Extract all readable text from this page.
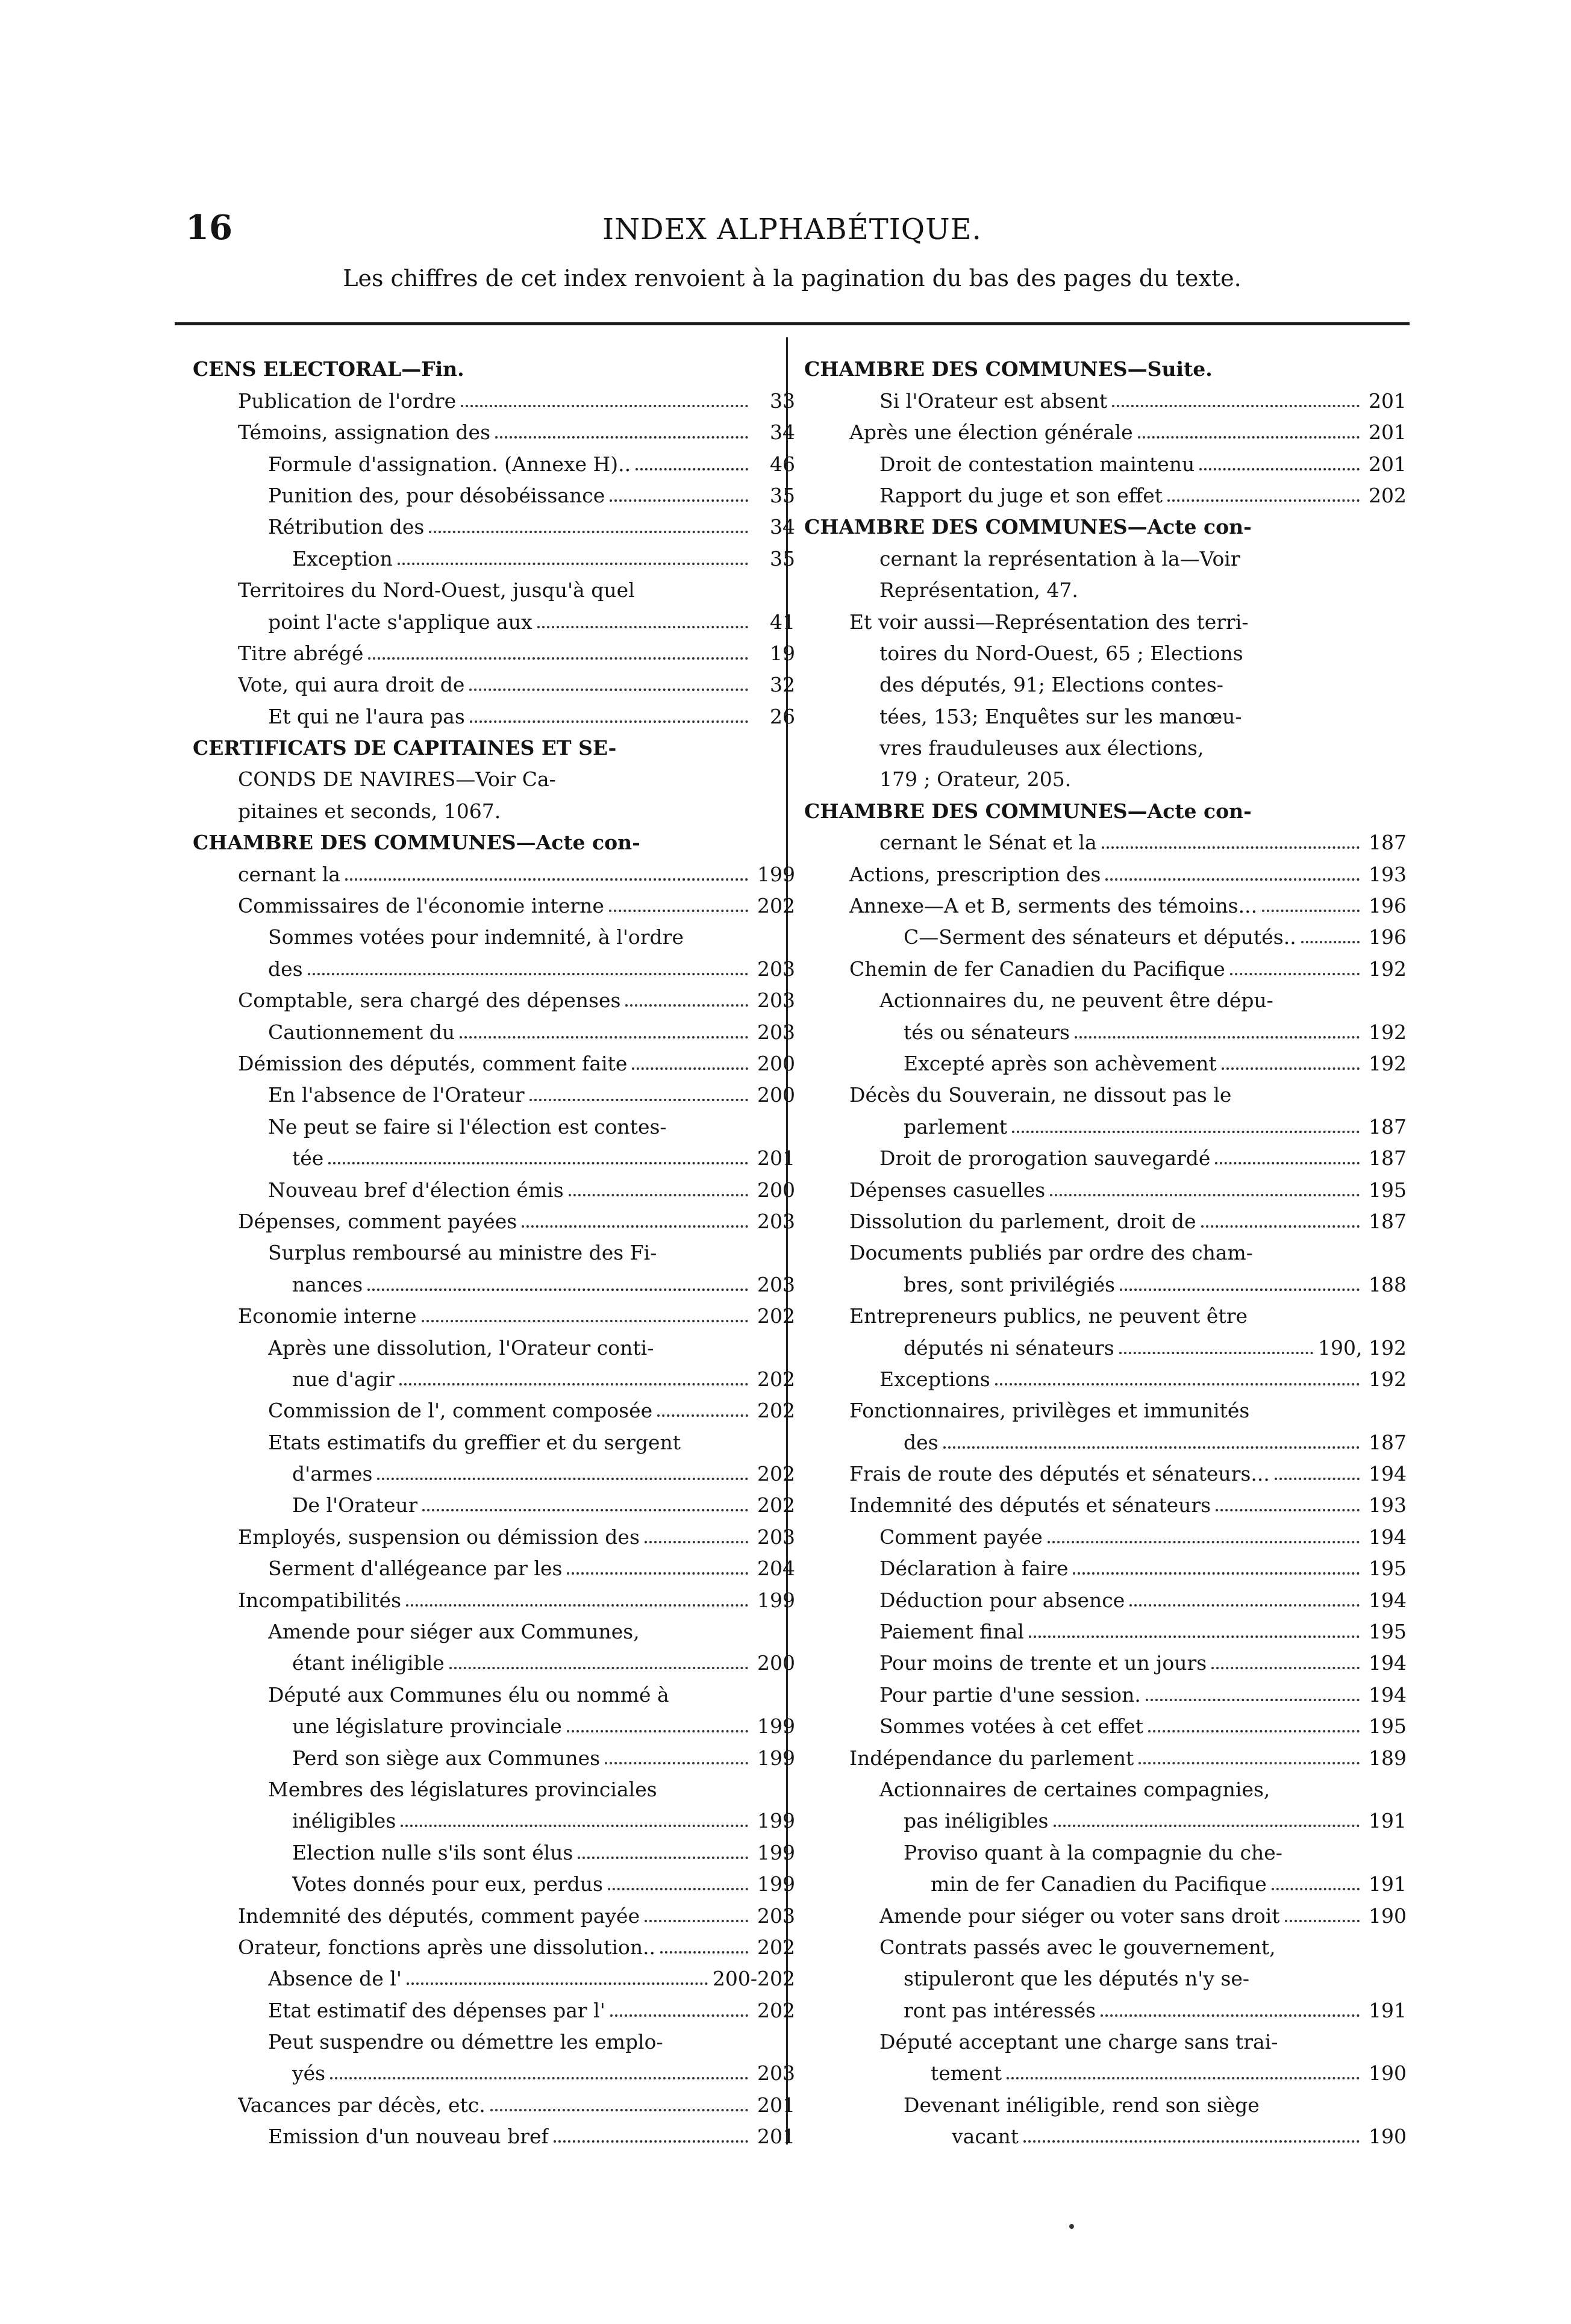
16	INDEX ALPHABÉTIQUE.
Les chiffres de cet index renvoient à la pagination du bas des pages du texte.
CENS ELECTORAL—Fin.
Publication de l'ordre	33
Témoins, assignation des	34
Formule d'assignation. (Annexe H)..	46
Punition des, pour désobéissance	35
Rétribution des	34
Exception	35
Territoires du Nord-Ouest, jusqu'à quel
point l'acte s'applique aux	41
Titre abrégé	19
Vote, qui aura droit de	32
Et qui ne l'aura pas	26
CERTIFICATS DE CAPITAINES ET SE-
CONDS DE NAVIRES—Voir Ca-
pitaines et seconds, 1067.
CHAMBRE DES COMMUNES—Acte con-
cernant la	199
Commissaires de l'économie interne	202
Sommes votées pour indemnité, à l'ordre
des	203
Comptable, sera chargé des dépenses	203
Cautionnement du	203
Démission des députés, comment faite	200
En l'absence de l'Orateur	200
Ne peut se faire si l'élection est contes-
tée	201
Nouveau bref d'élection émis	200
Dépenses, comment payées	203
Surplus remboursé au ministre des Fi-
nances	203
Economie interne	202
Après une dissolution, l'Orateur conti-
nue d'agir	202
Commission de l', comment composée	202
Etats estimatifs du greffier et du sergent
d'armes	202
De l'Orateur	202
Employés, suspension ou démission des	203
Serment d'allégeance par les	204
Incompatibilités	199
Amende pour siéger aux Communes,
étant inéligible	200
Député aux Communes élu ou nommé à
une législature provinciale	199
Perd son siège aux Communes	199
Membres des législatures provinciales
inéligibles	199
Election nulle s'ils sont élus	199
Votes donnés pour eux, perdus	199
Indemnité des députés, comment payée	203
Orateur, fonctions après une dissolution..	202
Absence de l'	200-202
Etat estimatif des dépenses par l'	202
Peut suspendre ou démettre les emplo-
yés	203
Vacances par décès, etc.	201
Emission d'un nouveau bref	201
CHAMBRE DES COMMUNES—Suite.
Si l'Orateur est absent	201
Après une élection générale	201
Droit de contestation maintenu	201
Rapport du juge et son effet	202
CHAMBRE DES COMMUNES—Acte con-
cernant la représentation à la—Voir
Représentation, 47.
Et voir aussi—Représentation des terri-
toires du Nord-Ouest, 65 ; Elections
des députés, 91; Elections contes-
tées, 153; Enquêtes sur les manœu-
vres frauduleuses aux élections,
179 ; Orateur, 205.
CHAMBRE DES COMMUNES—Acte con-
cernant le Sénat et la	187
Actions, prescription des	193
Annexe—A et B, serments des témoins...	196
C—Serment des sénateurs et députés..	196
Chemin de fer Canadien du Pacifique	192
Actionnaires du, ne peuvent être dépu-
tés ou sénateurs	192
Excepté après son achèvement	192
Décès du Souverain, ne dissout pas le
parlement	187
Droit de prorogation sauvegardé	187
Dépenses casuelles	195
Dissolution du parlement, droit de	187
Documents publiés par ordre des cham-
bres, sont privilégiés	188
Entrepreneurs publics, ne peuvent être
députés ni sénateurs	190, 192
Exceptions	192
Fonctionnaires, privilèges et immunités
des	187
Frais de route des députés et sénateurs...	194
Indemnité des députés et sénateurs	193
Comment payée	194
Déclaration à faire	195
Déduction pour absence	194
Paiement final	195
Pour moins de trente et un jours	194
Pour partie d'une session.	194
Sommes votées à cet effet	195
Indépendance du parlement	189
Actionnaires de certaines compagnies,
pas inéligibles	191
Proviso quant à la compagnie du che-
min de fer Canadien du Pacifique	191
Amende pour siéger ou voter sans droit	190
Contrats passés avec le gouvernement,
stipuleront que les députés n'y se-
ront pas intéressés	191
Député acceptant une charge sans trai-
tement	190
Devenant inéligible, rend son siège
vacant	190
